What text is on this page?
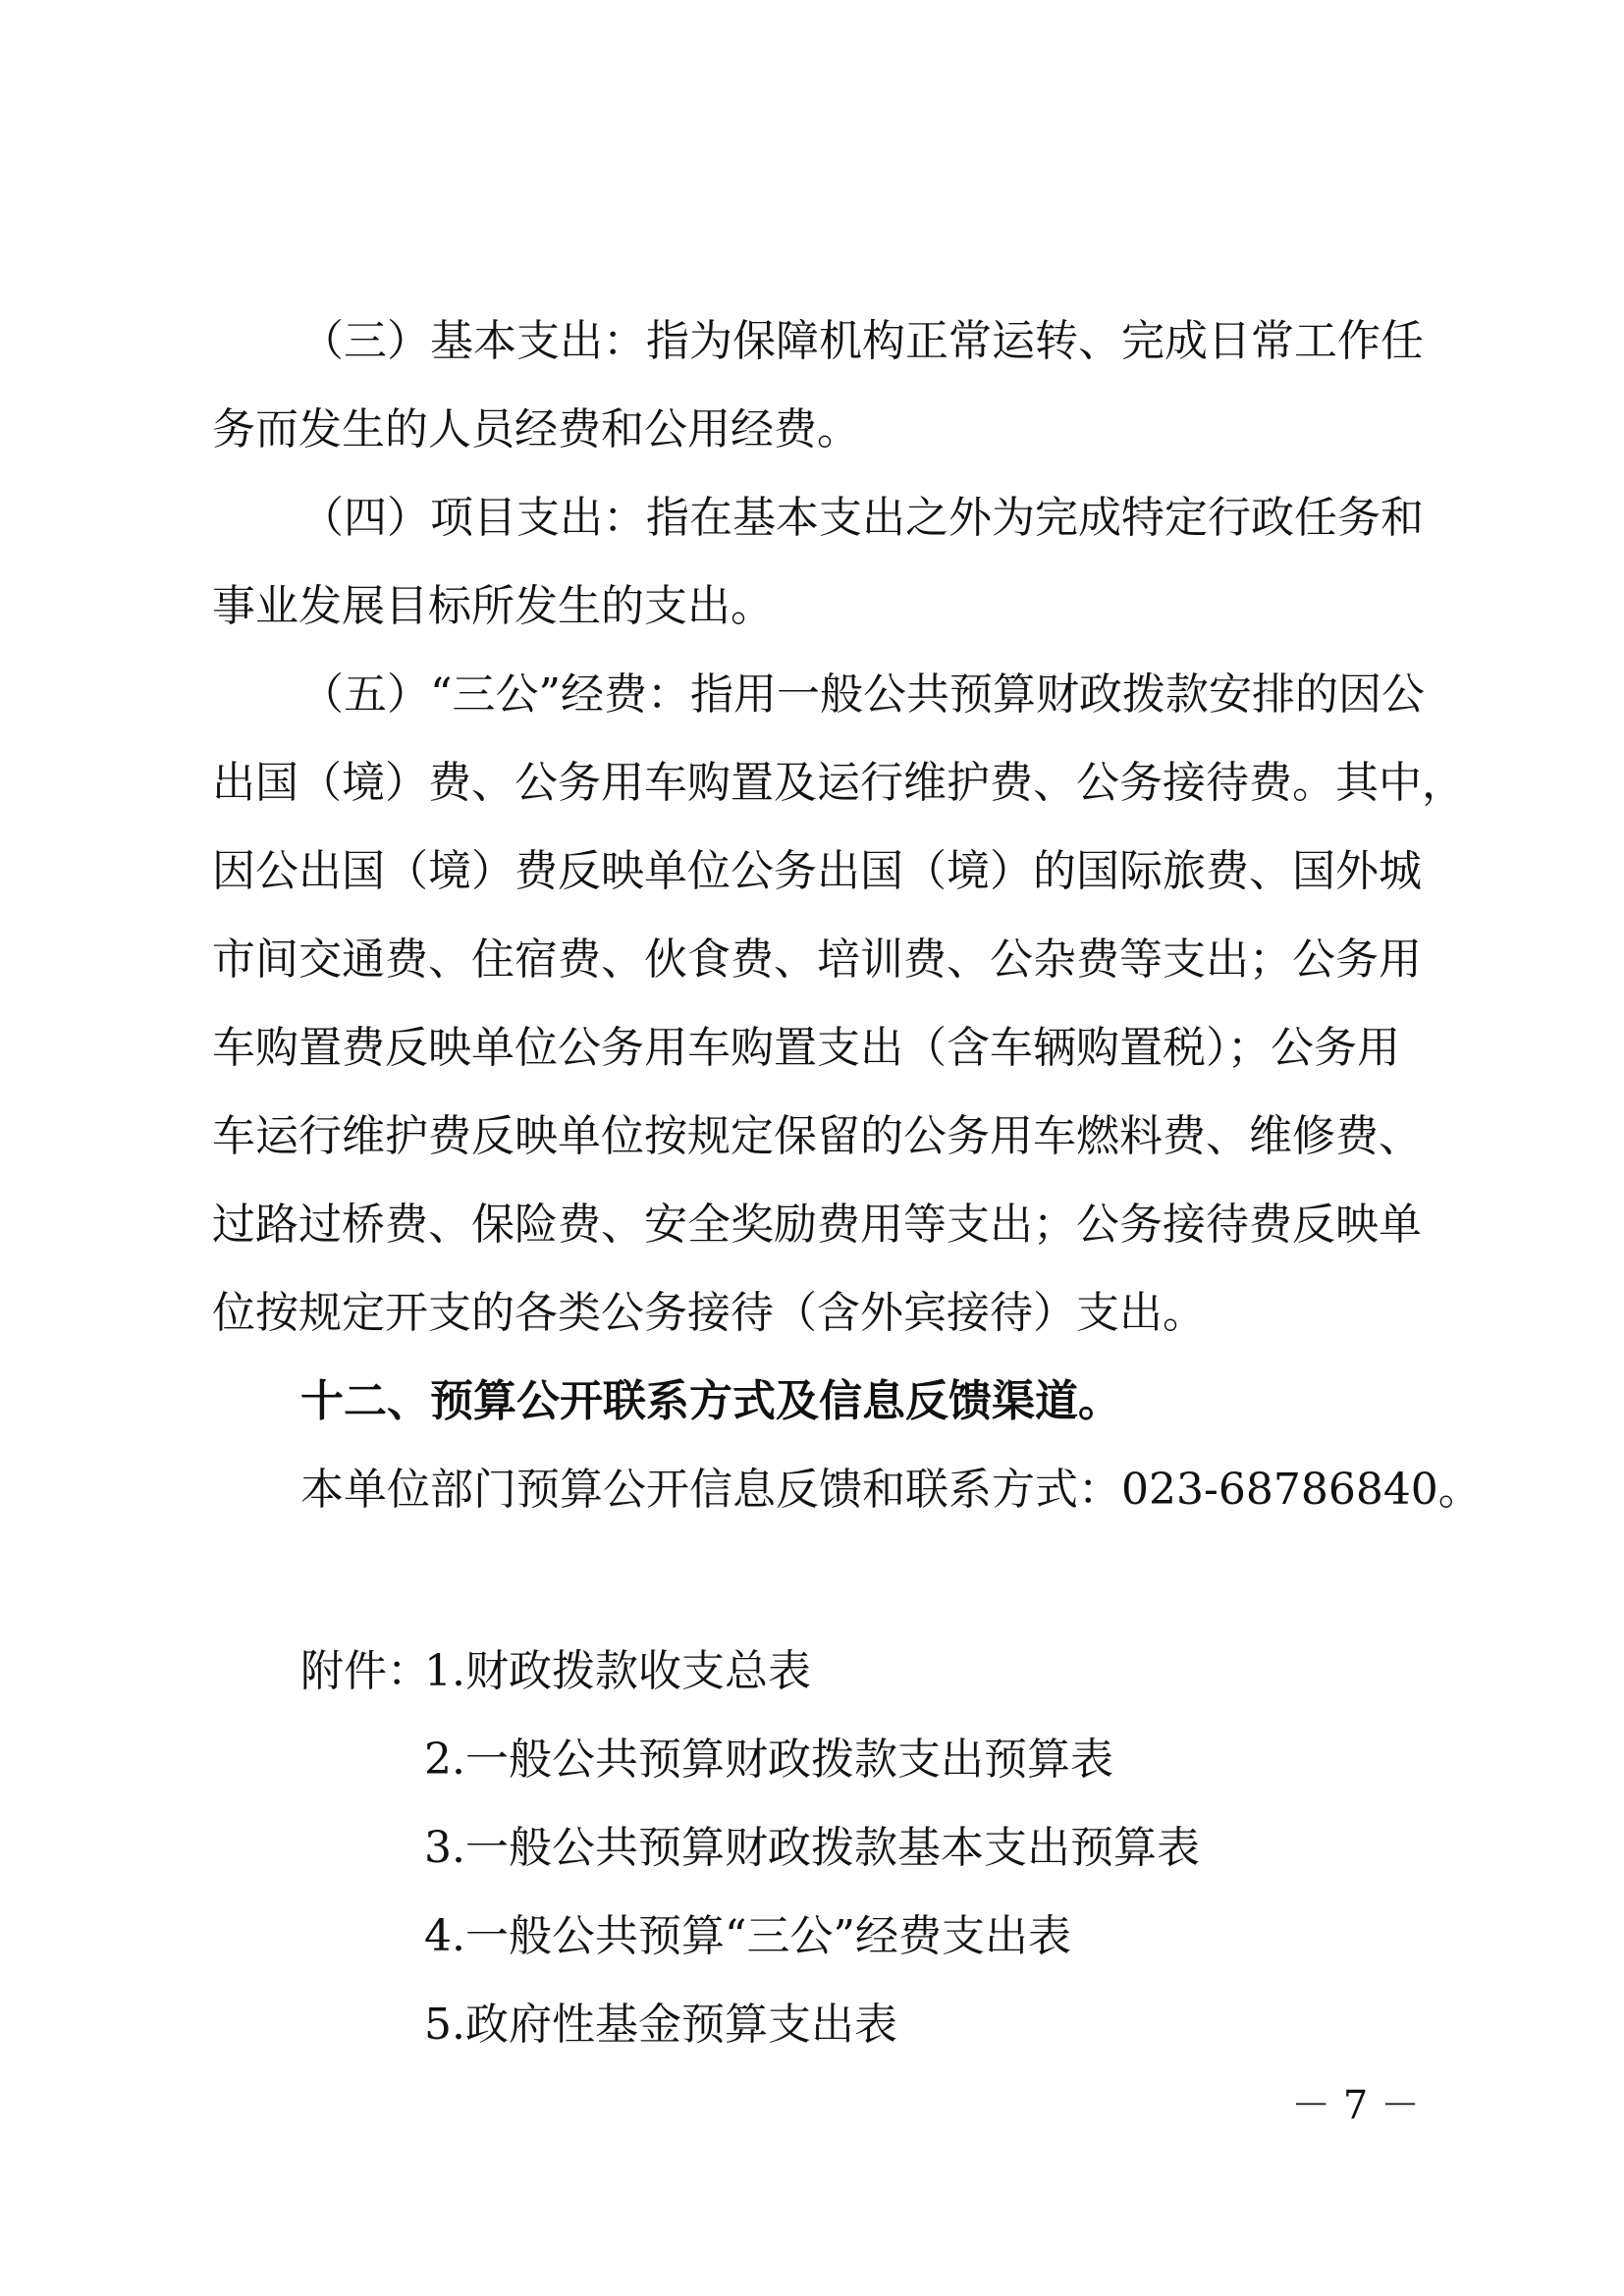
（三）基本支出：指为保障机构正常运转、完成日常工作任
务而发生的人员经费和公用经费。
（四）项目支出：指在基本支出之外为完成特定行政任务和
事业发展目标所发生的支出。
（五）“三公”经费：指用一般公共预算财政拨款安排的因公
出国（境）费、公务用车购置及运行维护费、公务接待费。其中，
因公出国（境）费反映单位公务出国（境）的国际旅费、国外城
市间交通费、住宿费、伙食费、培训费、公杂费等支出；公务用
车购置费反映单位公务用车购置支出（含车辆购置税）；公务用
车运行维护费反映单位按规定保留的公务用车燃料费、维修费、
过路过桥费、保险费、安全奖励费用等支出；公务接待费反映单
位按规定开支的各类公务接待（含外宾接待）支出。
十二、预算公开联系方式及信息反馈渠道。
本单位部门预算公开信息反馈和联系方式：023-68786840。
附件：
1.财政拨款收支总表
2.一般公共预算财政拨款支出预算表
3.一般公共预算财政拨款基本支出预算表
4.一般公共预算“三公”经费支出表
5.政府性基金预算支出表
－ 7 －
